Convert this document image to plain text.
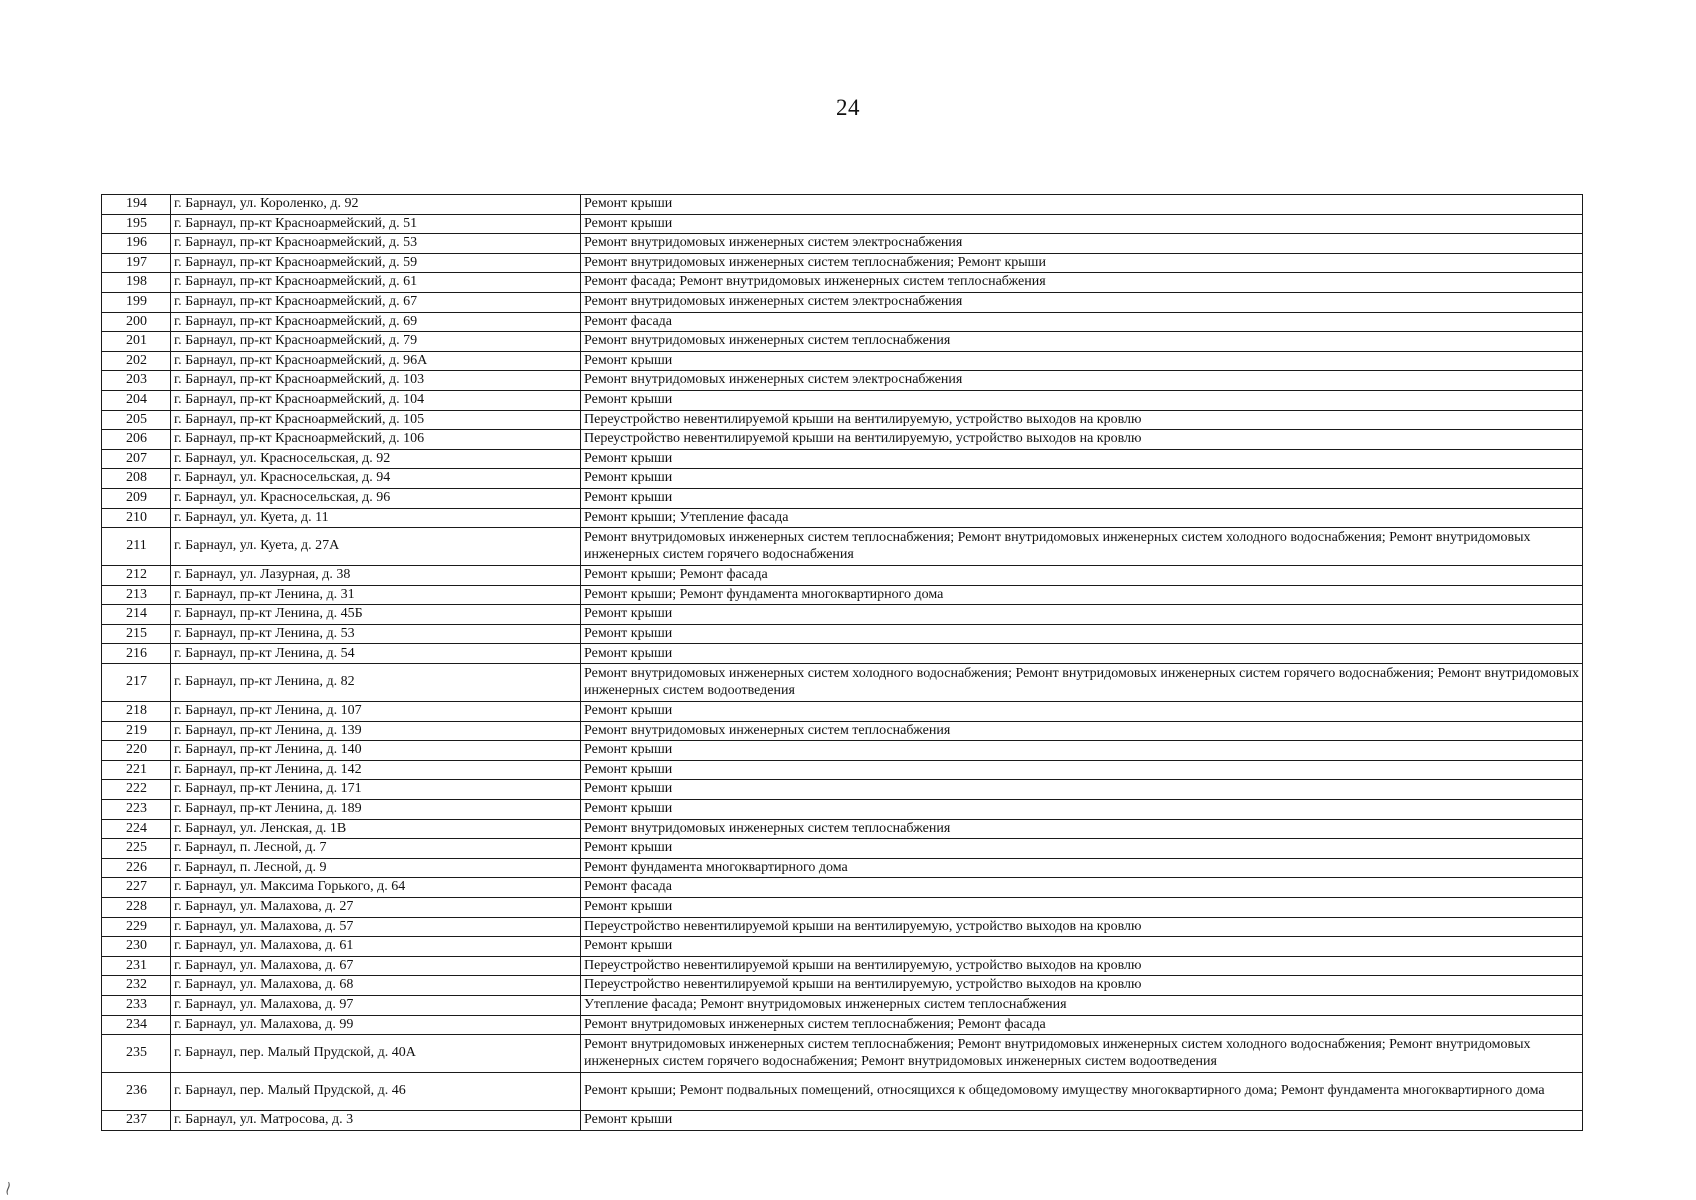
24
194	г. Барнаул, ул. Короленко, д. 92	Ремонт крыши
195	г. Барнаул, пр-кт Красноармейский, д. 51	Ремонт крыши
196	г. Барнаул, пр-кт Красноармейский, д. 53	Ремонт внутридомовых инженерных систем электроснабжения
197	г. Барнаул, пр-кт Красноармейский, д. 59	Ремонт внутридомовых инженерных систем теплоснабжения; Ремонт крыши
198	г. Барнаул, пр-кт Красноармейский, д. 61	Ремонт фасада; Ремонт внутридомовых инженерных систем теплоснабжения
199	г. Барнаул, пр-кт Красноармейский, д. 67	Ремонт внутридомовых инженерных систем электроснабжения
200	г. Барнаул, пр-кт Красноармейский, д. 69	Ремонт фасада
201	г. Барнаул, пр-кт Красноармейский, д. 79	Ремонт внутридомовых инженерных систем теплоснабжения
202	г. Барнаул, пр-кт Красноармейский, д. 96А	Ремонт крыши
203	г. Барнаул, пр-кт Красноармейский, д. 103	Ремонт внутридомовых инженерных систем электроснабжения
204	г. Барнаул, пр-кт Красноармейский, д. 104	Ремонт крыши
205	г. Барнаул, пр-кт Красноармейский, д. 105	Переустройство невентилируемой крыши на вентилируемую, устройство выходов на кровлю
206	г. Барнаул, пр-кт Красноармейский, д. 106	Переустройство невентилируемой крыши на вентилируемую, устройство выходов на кровлю
207	г. Барнаул, ул. Красносельская, д. 92	Ремонт крыши
208	г. Барнаул, ул. Красносельская, д. 94	Ремонт крыши
209	г. Барнаул, ул. Красносельская, д. 96	Ремонт крыши
210	г. Барнаул, ул. Куета, д. 11	Ремонт крыши; Утепление фасада
211	г. Барнаул, ул. Куета, д. 27А	Ремонт внутридомовых инженерных систем теплоснабжения; Ремонт внутридомовых инженерных систем холодного водоснабжения; Ремонт внутридомовых инженерных систем горячего водоснабжения
212	г. Барнаул, ул. Лазурная, д. 38	Ремонт крыши; Ремонт фасада
213	г. Барнаул, пр-кт Ленина, д. 31	Ремонт крыши; Ремонт фундамента многоквартирного дома
214	г. Барнаул, пр-кт Ленина, д. 45Б	Ремонт крыши
215	г. Барнаул, пр-кт Ленина, д. 53	Ремонт крыши
216	г. Барнаул, пр-кт Ленина, д. 54	Ремонт крыши
217	г. Барнаул, пр-кт Ленина, д. 82	Ремонт внутридомовых инженерных систем холодного водоснабжения; Ремонт внутридомовых инженерных систем горячего водоснабжения; Ремонт внутридомовых инженерных систем водоотведения
218	г. Барнаул, пр-кт Ленина, д. 107	Ремонт крыши
219	г. Барнаул, пр-кт Ленина, д. 139	Ремонт внутридомовых инженерных систем теплоснабжения
220	г. Барнаул, пр-кт Ленина, д. 140	Ремонт крыши
221	г. Барнаул, пр-кт Ленина, д. 142	Ремонт крыши
222	г. Барнаул, пр-кт Ленина, д. 171	Ремонт крыши
223	г. Барнаул, пр-кт Ленина, д. 189	Ремонт крыши
224	г. Барнаул, ул. Ленская, д. 1В	Ремонт внутридомовых инженерных систем теплоснабжения
225	г. Барнаул, п. Лесной, д. 7	Ремонт крыши
226	г. Барнаул, п. Лесной, д. 9	Ремонт фундамента многоквартирного дома
227	г. Барнаул, ул. Максима Горького, д. 64	Ремонт фасада
228	г. Барнаул, ул. Малахова, д. 27	Ремонт крыши
229	г. Барнаул, ул. Малахова, д. 57	Переустройство невентилируемой крыши на вентилируемую, устройство выходов на кровлю
230	г. Барнаул, ул. Малахова, д. 61	Ремонт крыши
231	г. Барнаул, ул. Малахова, д. 67	Переустройство невентилируемой крыши на вентилируемую, устройство выходов на кровлю
232	г. Барнаул, ул. Малахова, д. 68	Переустройство невентилируемой крыши на вентилируемую, устройство выходов на кровлю
233	г. Барнаул, ул. Малахова, д. 97	Утепление фасада; Ремонт внутридомовых инженерных систем теплоснабжения
234	г. Барнаул, ул. Малахова, д. 99	Ремонт внутридомовых инженерных систем теплоснабжения; Ремонт фасада
235	г. Барнаул, пер. Малый Прудской, д. 40А	Ремонт внутридомовых инженерных систем теплоснабжения; Ремонт внутридомовых инженерных систем холодного водоснабжения; Ремонт внутридомовых инженерных систем горячего водоснабжения; Ремонт внутридомовых инженерных систем водоотведения
236	г. Барнаул, пер. Малый Прудской, д. 46	Ремонт крыши; Ремонт подвальных помещений, относящихся к общедомовому имуществу многоквартирного дома; Ремонт фундамента многоквартирного дома
237	г. Барнаул, ул. Матросова, д. 3	Ремонт крыши
⁓
